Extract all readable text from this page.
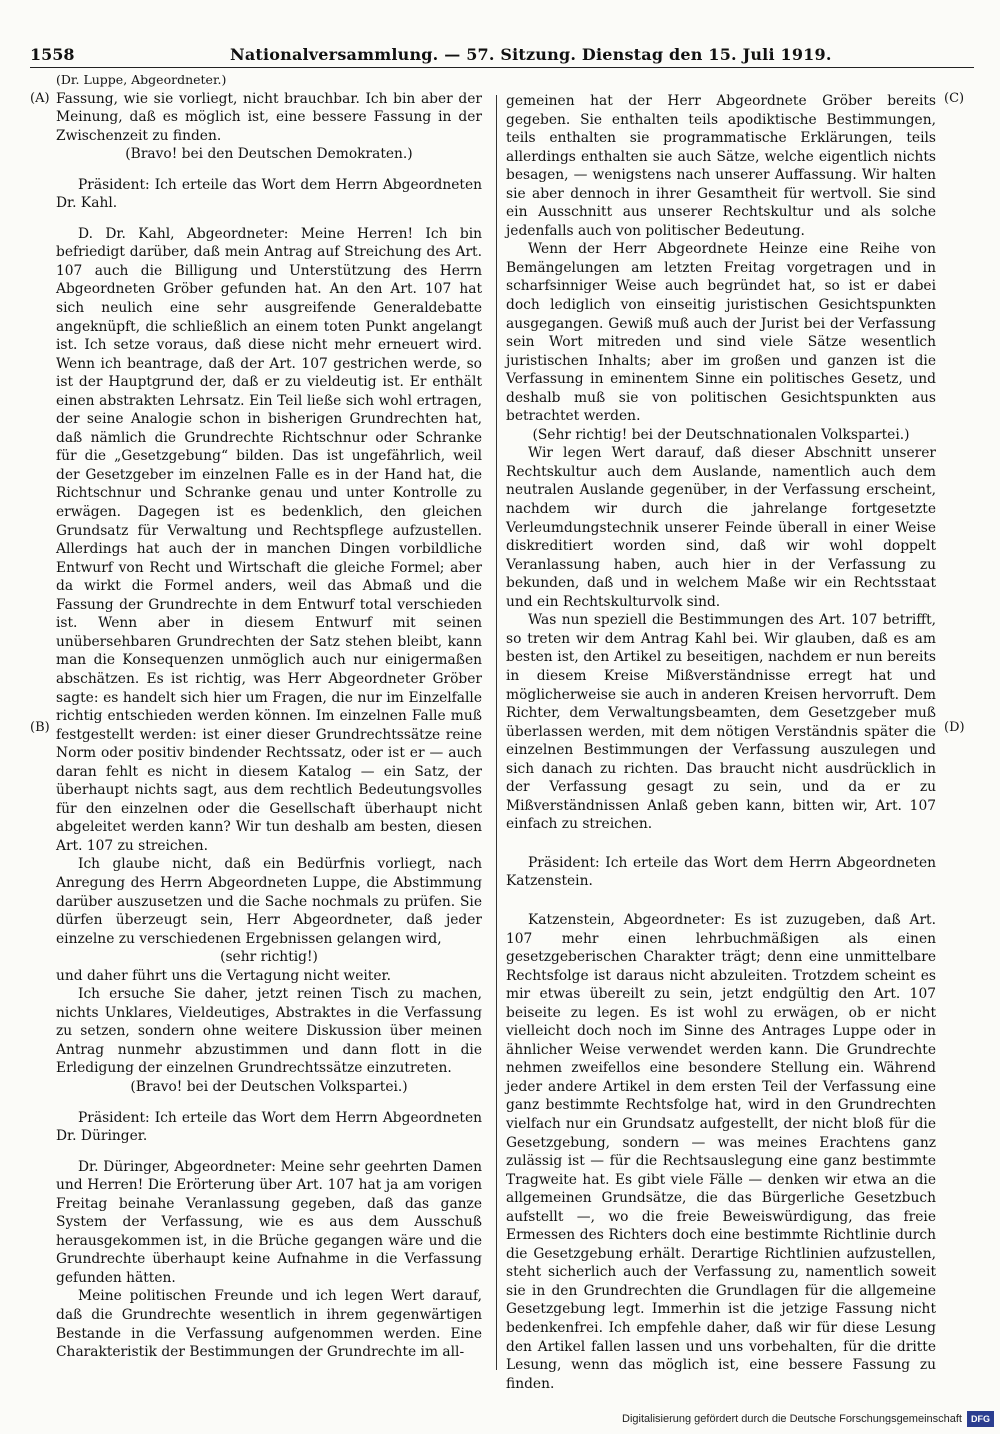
1558	Nationalversammlung. — 57. Sitzung. Dienstag den 15. Juli 1919.
(A)
(B)
(C)
(D)

(Dr. Luppe, Abgeordneter.)

Fassung, wie sie vorliegt, nicht brauchbar. Ich bin aber der Meinung, daß es möglich ist, eine bessere Fassung in der Zwischenzeit zu finden.

(Bravo! bei den Deutschen Demokraten.)

Präsident: Ich erteile das Wort dem Herrn Abgeordneten Dr. Kahl.

D. Dr. Kahl, Abgeordneter: Meine Herren! Ich bin befriedigt darüber, daß mein Antrag auf Streichung des Art. 107 auch die Billigung und Unterstützung des Herrn Abgeordneten Gröber gefunden hat. An den Art. 107 hat sich neulich eine sehr ausgreifende Generaldebatte angeknüpft, die schließlich an einem toten Punkt angelangt ist. Ich setze voraus, daß diese nicht mehr erneuert wird. Wenn ich beantrage, daß der Art. 107 gestrichen werde, so ist der Hauptgrund der, daß er zu vieldeutig ist. Er enthält einen abstrakten Lehrsatz. Ein Teil ließe sich wohl ertragen, der seine Analogie schon in bisherigen Grundrechten hat, daß nämlich die Grundrechte Richtschnur oder Schranke für die „Gesetzgebung“ bilden. Das ist ungefährlich, weil der Gesetzgeber im einzelnen Falle es in der Hand hat, die Richtschnur und Schranke genau und unter Kontrolle zu erwägen. Dagegen ist es bedenklich, den gleichen Grundsatz für Verwaltung und Rechtspflege aufzustellen. Allerdings hat auch der in manchen Dingen vorbildliche Entwurf von Recht und Wirtschaft die gleiche Formel; aber da wirkt die Formel anders, weil das Abmaß und die Fassung der Grundrechte in dem Entwurf total verschieden ist. Wenn aber in diesem Entwurf mit seinen unübersehbaren Grundrechten der Satz stehen bleibt, kann man die Konsequenzen unmöglich auch nur einigermaßen abschätzen. Es ist richtig, was Herr Abgeordneter Gröber sagte: es handelt sich hier um Fragen, die nur im Einzelfalle richtig entschieden werden können. Im einzelnen Falle muß festgestellt werden: ist einer dieser Grundrechtssätze reine Norm oder positiv bindender Rechtssatz, oder ist er — auch daran fehlt es nicht in diesem Katalog — ein Satz, der überhaupt nichts sagt, aus dem rechtlich Bedeutungsvolles für den einzelnen oder die Gesellschaft überhaupt nicht abgeleitet werden kann? Wir tun deshalb am besten, diesen Art. 107 zu streichen.

Ich glaube nicht, daß ein Bedürfnis vorliegt, nach Anregung des Herrn Abgeordneten Luppe, die Abstimmung darüber auszusetzen und die Sache nochmals zu prüfen. Sie dürfen überzeugt sein, Herr Abgeordneter, daß jeder einzelne zu verschiedenen Ergebnissen gelangen wird,

(sehr richtig!)

und daher führt uns die Vertagung nicht weiter.

Ich ersuche Sie daher, jetzt reinen Tisch zu machen, nichts Unklares, Vieldeutiges, Abstraktes in die Verfassung zu setzen, sondern ohne weitere Diskussion über meinen Antrag nunmehr abzustimmen und dann flott in die Erledigung der einzelnen Grundrechtssätze einzutreten.

(Bravo! bei der Deutschen Volkspartei.)

Präsident: Ich erteile das Wort dem Herrn Abgeordneten Dr. Düringer.

Dr. Düringer, Abgeordneter: Meine sehr geehrten Damen und Herren! Die Erörterung über Art. 107 hat ja am vorigen Freitag beinahe Veranlassung gegeben, daß das ganze System der Verfassung, wie es aus dem Ausschuß herausgekommen ist, in die Brüche gegangen wäre und die Grundrechte überhaupt keine Aufnahme in die Verfassung gefunden hätten.

Meine politischen Freunde und ich legen Wert darauf, daß die Grundrechte wesentlich in ihrem gegenwärtigen Bestande in die Verfassung aufgenommen werden. Eine Charakteristik der Bestimmungen der Grundrechte im all-

gemeinen hat der Herr Abgeordnete Gröber bereits gegeben. Sie enthalten teils apodiktische Bestimmungen, teils enthalten sie programmatische Erklärungen, teils allerdings enthalten sie auch Sätze, welche eigentlich nichts besagen, — wenigstens nach unserer Auffassung. Wir halten sie aber dennoch in ihrer Gesamtheit für wertvoll. Sie sind ein Ausschnitt aus unserer Rechtskultur und als solche jedenfalls auch von politischer Bedeutung.

Wenn der Herr Abgeordnete Heinze eine Reihe von Bemängelungen am letzten Freitag vorgetragen und in scharfsinniger Weise auch begründet hat, so ist er dabei doch lediglich von einseitig juristischen Gesichtspunkten ausgegangen. Gewiß muß auch der Jurist bei der Verfassung sein Wort mitreden und sind viele Sätze wesentlich juristischen Inhalts; aber im großen und ganzen ist die Verfassung in eminentem Sinne ein politisches Gesetz, und deshalb muß sie von politischen Gesichtspunkten aus betrachtet werden.

(Sehr richtig! bei der Deutschnationalen Volkspartei.)

Wir legen Wert darauf, daß dieser Abschnitt unserer Rechtskultur auch dem Auslande, namentlich auch dem neutralen Auslande gegenüber, in der Verfassung erscheint, nachdem wir durch die jahrelange fortgesetzte Verleumdungstechnik unserer Feinde überall in einer Weise diskreditiert worden sind, daß wir wohl doppelt Veranlassung haben, auch hier in der Verfassung zu bekunden, daß und in welchem Maße wir ein Rechtsstaat und ein Rechtskulturvolk sind.

Was nun speziell die Bestimmungen des Art. 107 betrifft, so treten wir dem Antrag Kahl bei. Wir glauben, daß es am besten ist, den Artikel zu beseitigen, nachdem er nun bereits in diesem Kreise Mißverständnisse erregt hat und möglicherweise sie auch in anderen Kreisen hervorruft. Dem Richter, dem Verwaltungsbeamten, dem Gesetzgeber muß überlassen werden, mit dem nötigen Verständnis später die einzelnen Bestimmungen der Verfassung auszulegen und sich danach zu richten. Das braucht nicht ausdrücklich in der Verfassung gesagt zu sein, und da er zu Mißverständnissen Anlaß geben kann, bitten wir, Art. 107 einfach zu streichen.

Präsident: Ich erteile das Wort dem Herrn Abgeordneten Katzenstein.

Katzenstein, Abgeordneter: Es ist zuzugeben, daß Art. 107 mehr einen lehrbuchmäßigen als einen gesetzgeberischen Charakter trägt; denn eine unmittelbare Rechtsfolge ist daraus nicht abzuleiten. Trotzdem scheint es mir etwas übereilt zu sein, jetzt endgültig den Art. 107 beiseite zu legen. Es ist wohl zu erwägen, ob er nicht vielleicht doch noch im Sinne des Antrages Luppe oder in ähnlicher Weise verwendet werden kann. Die Grundrechte nehmen zweifellos eine besondere Stellung ein. Während jeder andere Artikel in dem ersten Teil der Verfassung eine ganz bestimmte Rechtsfolge hat, wird in den Grundrechten vielfach nur ein Grundsatz aufgestellt, der nicht bloß für die Gesetzgebung, sondern — was meines Erachtens ganz zulässig ist — für die Rechtsauslegung eine ganz bestimmte Tragweite hat. Es gibt viele Fälle — denken wir etwa an die allgemeinen Grundsätze, die das Bürgerliche Gesetzbuch aufstellt —, wo die freie Beweiswürdigung, das freie Ermessen des Richters doch eine bestimmte Richtlinie durch die Gesetzgebung erhält. Derartige Richtlinien aufzustellen, steht sicherlich auch der Verfassung zu, namentlich soweit sie in den Grundrechten die Grundlagen für die allgemeine Gesetzgebung legt. Immerhin ist die jetzige Fassung nicht bedenkenfrei. Ich empfehle daher, daß wir für diese Lesung den Artikel fallen lassen und uns vorbehalten, für die dritte Lesung, wenn das möglich ist, eine bessere Fassung zu finden.

Digitalisierung gefördert durch die Deutsche Forschungsgemeinschaft	DFG
